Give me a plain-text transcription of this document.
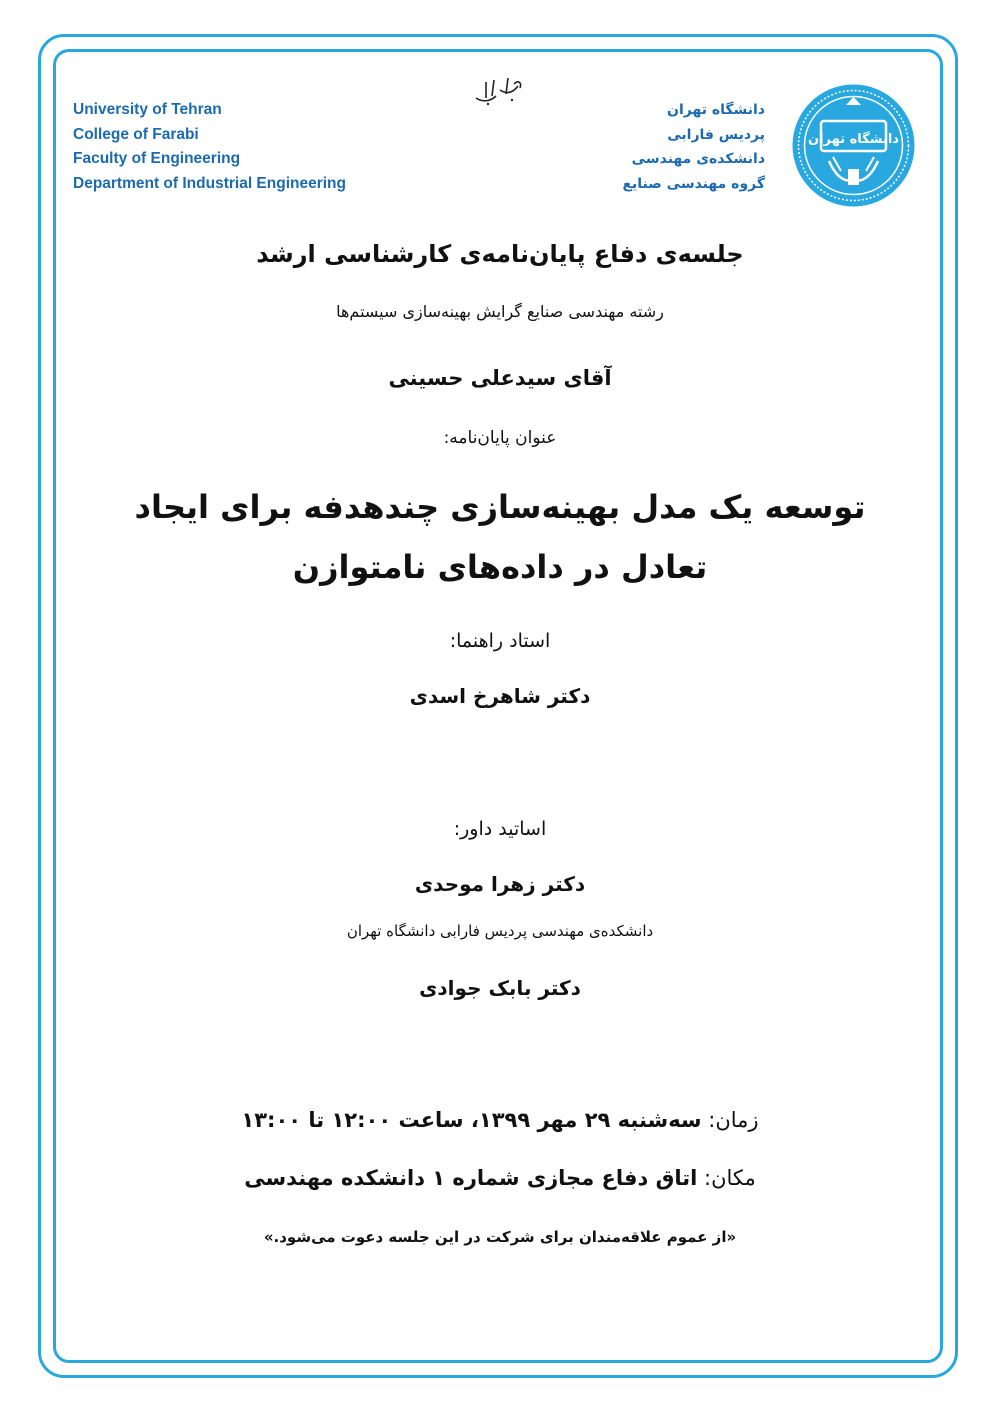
University of Tehran
College of Farabi
Faculty of Engineering
Department of Industrial Engineering
دانشگاه تهران
پردیس فارابی
دانشکده‌ی مهندسی
گروه مهندسی صنایع
دانشگاه تهران
جلسه‌ی دفاع پایان‌نامه‌ی کارشناسی ارشد
رشته مهندسی صنایع گرایش بهینه‌سازی سیستم‌ها
آقای سیدعلی حسینی
عنوان پایان‌نامه:
توسعه یک مدل بهینه‌سازی چندهدفه برای ایجاد
تعادل در داده‌های نامتوازن
استاد راهنما:
دکتر شاهرخ اسدی
اساتید داور:
دکتر زهرا موحدی
دانشکده‌ی مهندسی پردیس فارابی دانشگاه تهران
دکتر بابک جوادی
زمان: سه‌شنبه ۲۹ مهر ۱۳۹۹، ساعت ۱۲:۰۰ تا ۱۳:۰۰
مکان: اتاق دفاع مجازی شماره ۱ دانشکده مهندسی
«از عموم علاقه‌مندان برای شرکت در این جلسه دعوت می‌شود.»
